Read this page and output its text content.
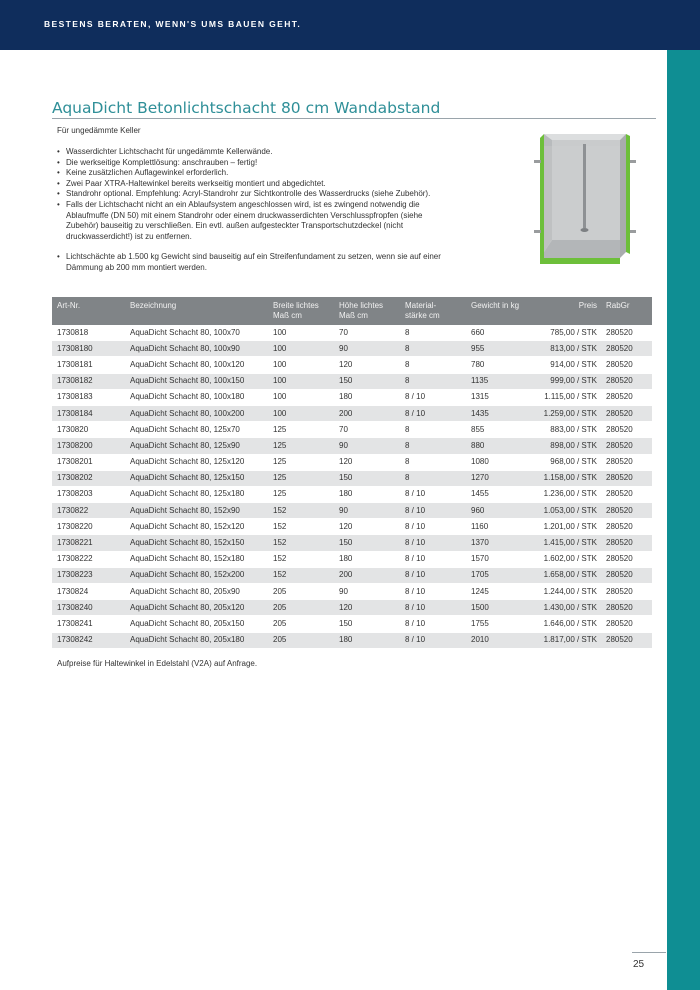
BESTENS BERATEN, WENN'S UMS BAUEN GEHT.
AquaDicht Betonlichtschacht 80 cm Wandabstand
Für ungedämmte Keller
• Wasserdichter Lichtschacht für ungedämmte Kellerwände.
• Die werkseitige Komplettlösung: anschrauben – fertig!
• Keine zusätzlichen Auflagewinkel erforderlich.
• Zwei Paar XTRA-Haltewinkel bereits werkseitig montiert und abgedichtet.
• Standrohr optional. Empfehlung: Acryl-Standrohr zur Sichtkontrolle des Wasserdrucks (siehe Zubehör).
• Falls der Lichtschacht nicht an ein Ablaufsystem angeschlossen wird, ist es zwingend notwendig die Ablaufmuffe (DN 50) mit einem Standrohr oder einem druckwasserdichten Verschlusspfropfen (siehe Zubehör) bauseitig zu verschließen. Ein evtl. außen aufgesteckter Transportschutzdeckel (nicht druckwasserdicht!) ist zu entfernen.
• Lichtschächte ab 1.500 kg Gewicht sind bauseitig auf ein Streifenfundament zu setzen, wenn sie auf einer Dämmung ab 200 mm montiert werden.
Art-Nr.	Bezeichnung	Breite lichtes
Maß cm	Höhe lichtes
Maß cm	Material-
stärke cm	Gewicht in kg	Preis	RabGr
1730818	AquaDicht Schacht 80, 100x70	100	70	8	660	785,00 / STK	280520
17308180	AquaDicht Schacht 80, 100x90	100	90	8	955	813,00 / STK	280520
17308181	AquaDicht Schacht 80, 100x120	100	120	8	780	914,00 / STK	280520
17308182	AquaDicht Schacht 80, 100x150	100	150	8	1135	999,00 / STK	280520
17308183	AquaDicht Schacht 80, 100x180	100	180	8 / 10	1315	1.115,00 / STK	280520
17308184	AquaDicht Schacht 80, 100x200	100	200	8 / 10	1435	1.259,00 / STK	280520
1730820	AquaDicht Schacht 80, 125x70	125	70	8	855	883,00 / STK	280520
17308200	AquaDicht Schacht 80, 125x90	125	90	8	880	898,00 / STK	280520
17308201	AquaDicht Schacht 80, 125x120	125	120	8	1080	968,00 / STK	280520
17308202	AquaDicht Schacht 80, 125x150	125	150	8	1270	1.158,00 / STK	280520
17308203	AquaDicht Schacht 80, 125x180	125	180	8 / 10	1455	1.236,00 / STK	280520
1730822	AquaDicht Schacht 80, 152x90	152	90	8 / 10	960	1.053,00 / STK	280520
17308220	AquaDicht Schacht 80, 152x120	152	120	8 / 10	1160	1.201,00 / STK	280520
17308221	AquaDicht Schacht 80, 152x150	152	150	8 / 10	1370	1.415,00 / STK	280520
17308222	AquaDicht Schacht 80, 152x180	152	180	8 / 10	1570	1.602,00 / STK	280520
17308223	AquaDicht Schacht 80, 152x200	152	200	8 / 10	1705	1.658,00 / STK	280520
1730824	AquaDicht Schacht 80, 205x90	205	90	8 / 10	1245	1.244,00 / STK	280520
17308240	AquaDicht Schacht 80, 205x120	205	120	8 / 10	1500	1.430,00 / STK	280520
17308241	AquaDicht Schacht 80, 205x150	205	150	8 / 10	1755	1.646,00 / STK	280520
17308242	AquaDicht Schacht 80, 205x180	205	180	8 / 10	2010	1.817,00 / STK	280520
Aufpreise für Haltewinkel in Edelstahl (V2A) auf Anfrage.
25
